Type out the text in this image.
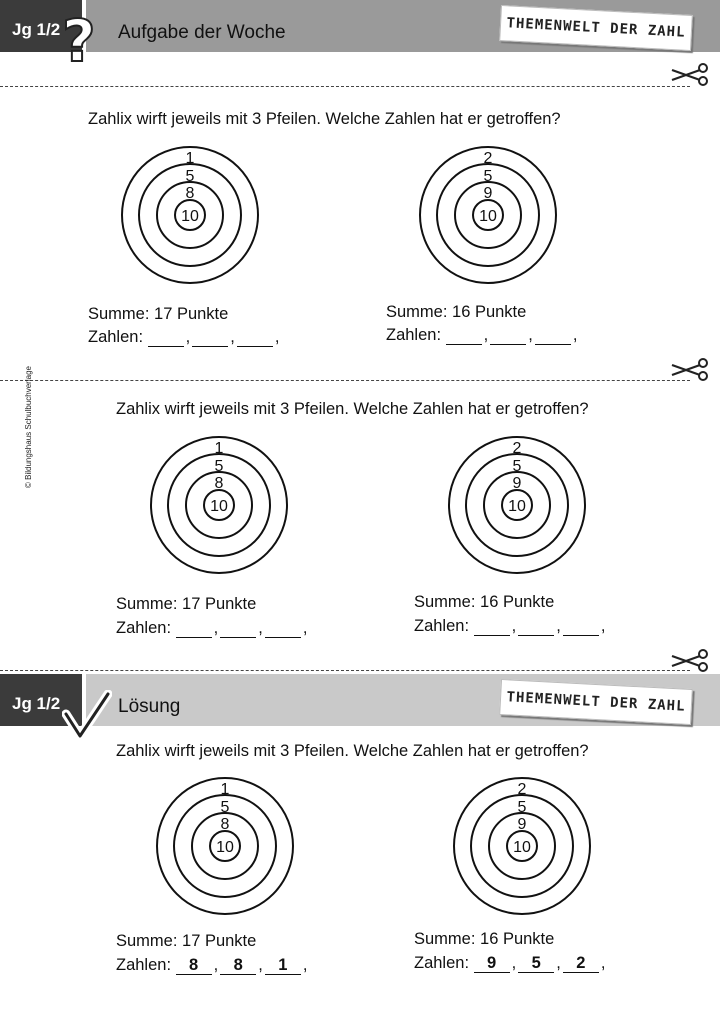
Jg 1/2	Aufgabe der Woche	THEMENWELT DER ZAHL
?
Zahlix wirft jeweils mit 3 Pfeilen. Welche Zahlen hat er getroffen?
1
5
8
10
2
5
9
10
Summe: 17 Punkte
Zahlen:
	, , ,
Summe: 16 Punkte
Zahlen:
	, , ,
© Bildungshaus Schulbuchverlage	Zahlix wirft jeweils mit 3 Pfeilen. Welche Zahlen hat er getroffen?
1
5
8
10
2
5
9
10
Summe: 17 Punkte
Zahlen:
	, , ,
Summe: 16 Punkte
Zahlen:
	, , ,
Jg 1/2	Lösung	THEMENWELT DER ZAHL
Zahlix wirft jeweils mit 3 Pfeilen. Welche Zahlen hat er getroffen?
1
5
8
10
2
5
9
10
Summe: 17 Punkte
Zahlen:
	8 , 8 , 1 ,
Summe: 16 Punkte
Zahlen:
	9 , 5 , 2 ,
